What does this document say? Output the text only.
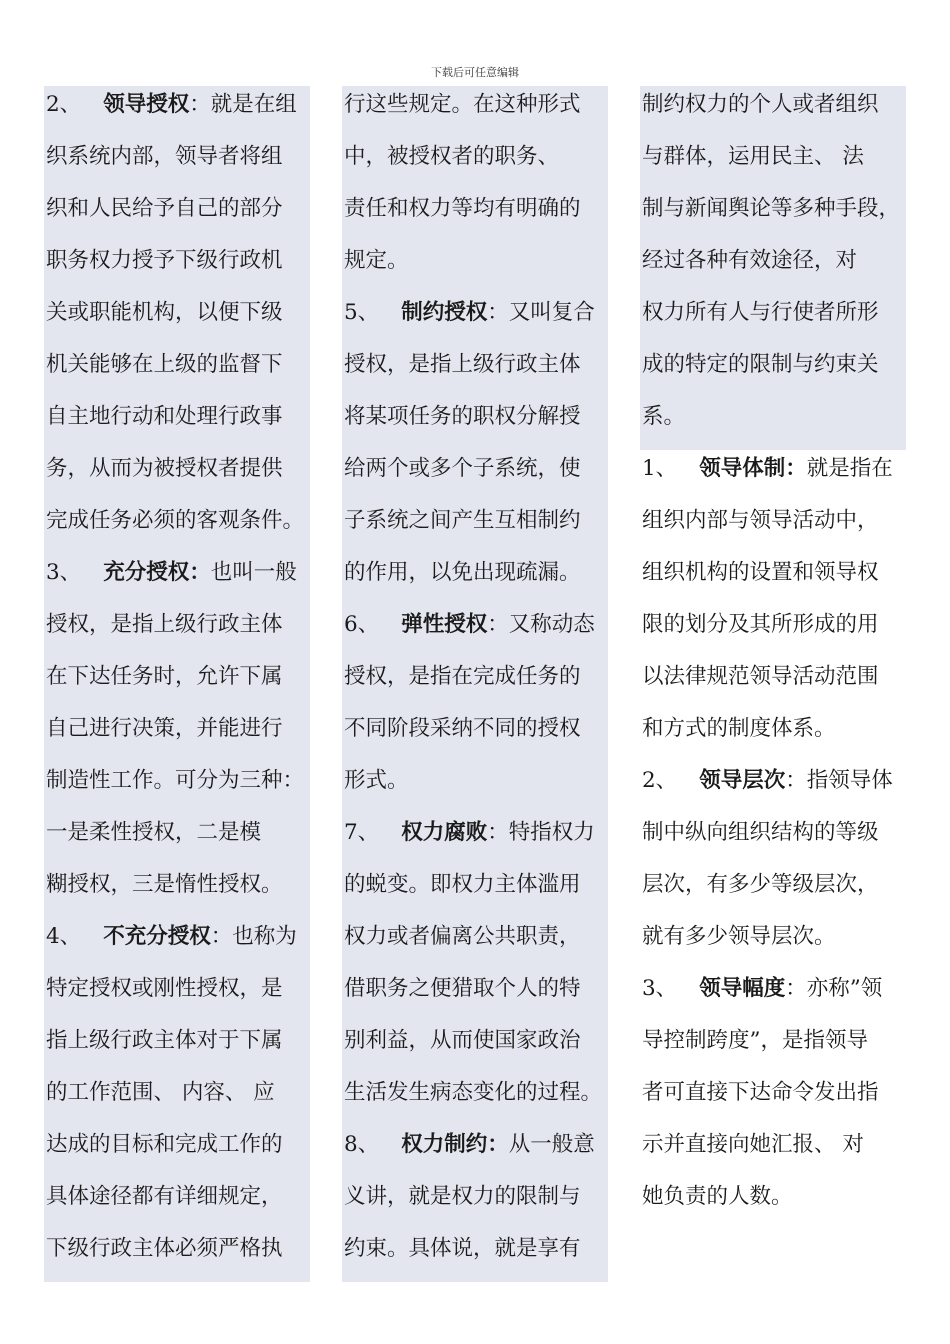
下载后可任意编辑
2、 领导授权：就是在组
织系统内部，领导者将组
织和人民给予自己的部分
职务权力授予下级行政机
关或职能机构，以便下级
机关能够在上级的监督下
自主地行动和处理行政事
务，从而为被授权者提供
完成任务必须的客观条件。
3、 充分授权：也叫一般
授权，是指上级行政主体
在下达任务时，允许下属
自己进行决策，并能进行
制造性工作。可分为三种：
一是柔性授权，二是模
糊授权，三是惰性授权。
4、 不充分授权：也称为
特定授权或刚性授权，是
指上级行政主体对于下属
的工作范围、 内容、 应
达成的目标和完成工作的
具体途径都有详细规定，
下级行政主体必须严格执
行这些规定。在这种形式
中，被授权者的职务、
责任和权力等均有明确的
规定。
5、 制约授权：又叫复合
授权，是指上级行政主体
将某项任务的职权分解授
给两个或多个子系统，使
子系统之间产生互相制约
的作用，以免出现疏漏。
6、 弹性授权：又称动态
授权，是指在完成任务的
不同阶段采纳不同的授权
形式。
7、 权力腐败：特指权力
的蜕变。即权力主体滥用
权力或者偏离公共职责，
借职务之便猎取个人的特
别利益，从而使国家政治
生活发生病态变化的过程。
8、 权力制约：从一般意
义讲，就是权力的限制与
约束。具体说，就是享有
制约权力的个人或者组织
与群体，运用民主、 法
制与新闻舆论等多种手段，
经过各种有效途径，对
权力所有人与行使者所形
成的特定的限制与约束关
系。
1、 领导体制：就是指在
组织内部与领导活动中，
组织机构的设置和领导权
限的划分及其所形成的用
以法律规范领导活动范围
和方式的制度体系。
2、 领导层次：指领导体
制中纵向组织结构的等级
层次，有多少等级层次，
就有多少领导层次。
3、 领导幅度：亦称”领
导控制跨度”，是指领导
者可直接下达命令发出指
示并直接向她汇报、 对
她负责的人数。
